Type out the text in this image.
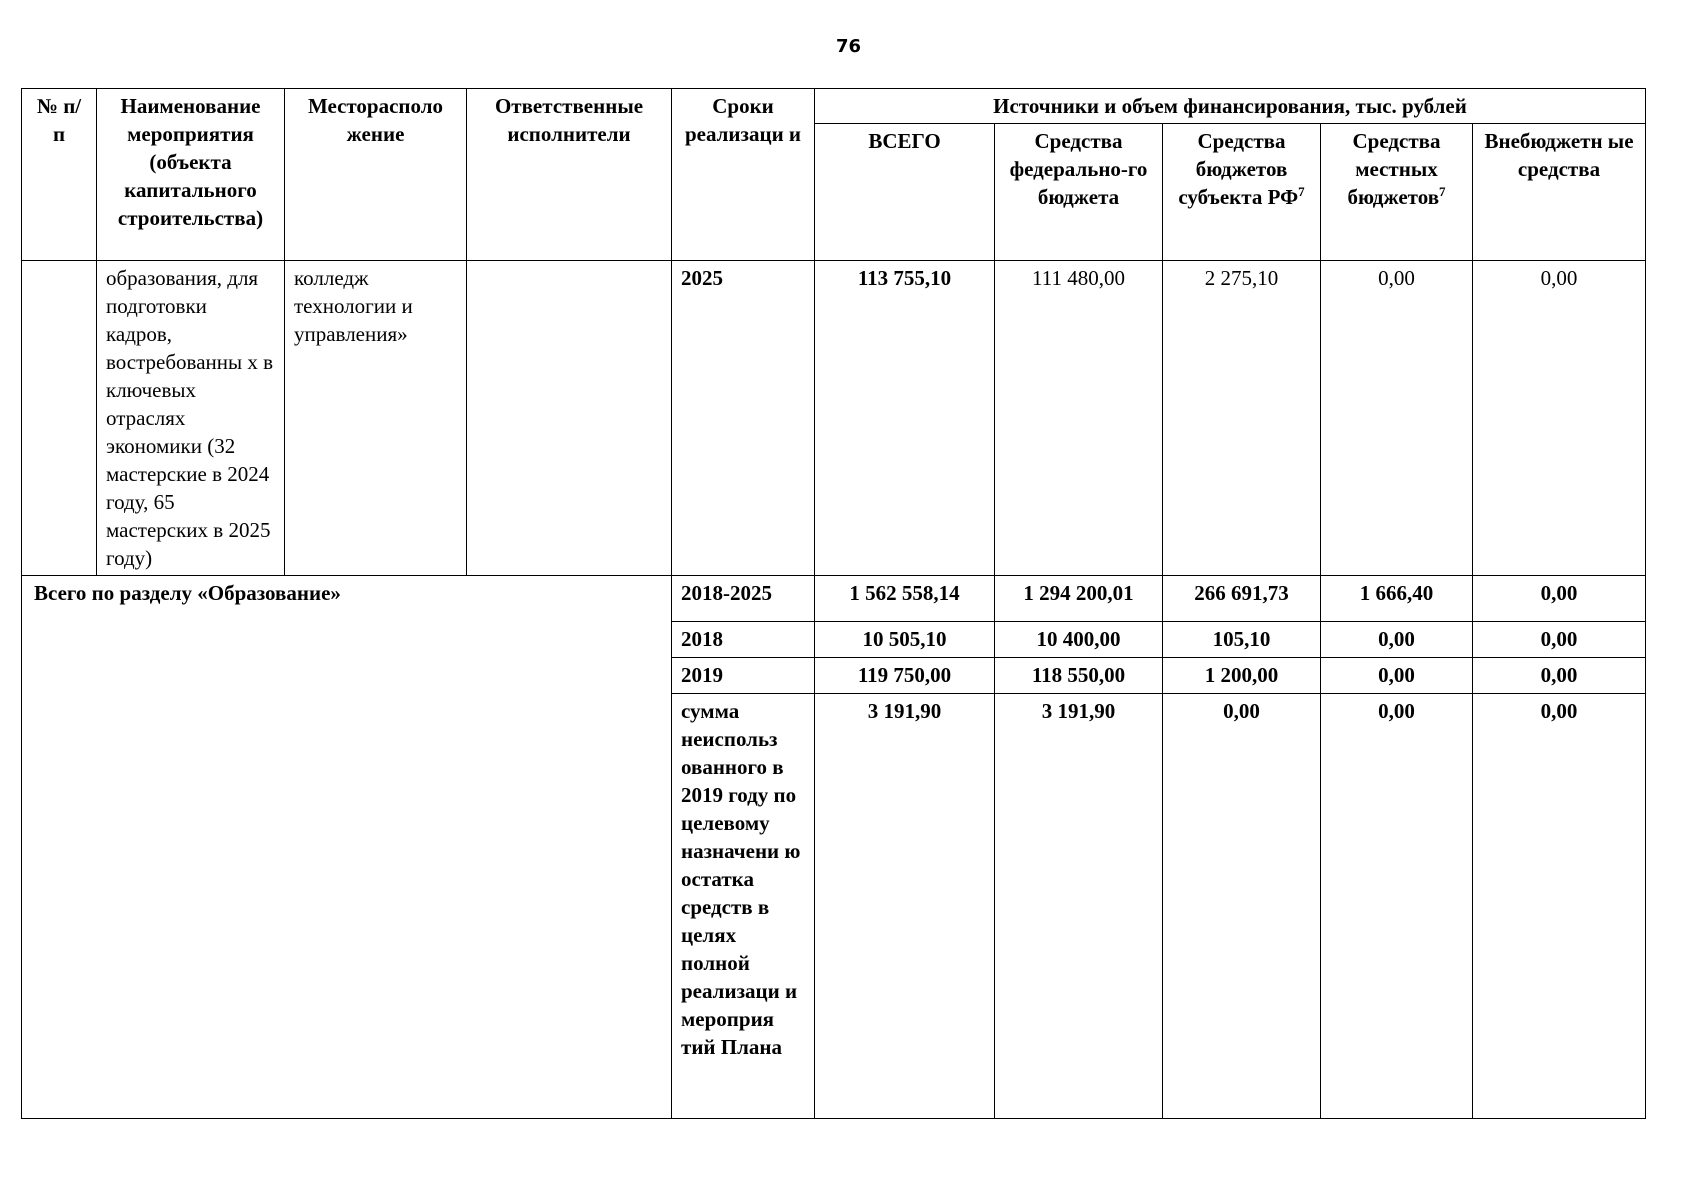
76
№ п/п	Наименование мероприятия (объекта капитального строительства)	Месторасполо жение	Ответственные исполнители	Сроки реализаци и	Источники и объем финансирования, тыс. рублей				
					ВСЕГО	Средства федерально-го бюджета	Средства бюджетов субъекта $РФ^7$	Средства местных бюджетов$^7$	Внебюджетн ые средства
	образования, для подготовки кадров, востребованны х в ключевых отраслях экономики (32 мастерские в 2024 году, 65 мастерских в 2025 году)	колледж технологии и управления»		2025	113 755,10	111 480,00	2 275,10	0,00	0,00
Всего по разделу «Образование»				2018-2025	1 562 558,14	1 294 200,01	266 691,73	1 666,40	0,00
				2018	10 505,10	10 400,00	105,10	0,00	0,00
				2019	119 750,00	118 550,00	1 200,00	0,00	0,00
				сумма неиспольз ованного в 2019 году по целевому назначени ю остатка средств в целях полной реализаци и мероприя тий Плана	3 191,90	3 191,90	0,00	0,00	0,00
